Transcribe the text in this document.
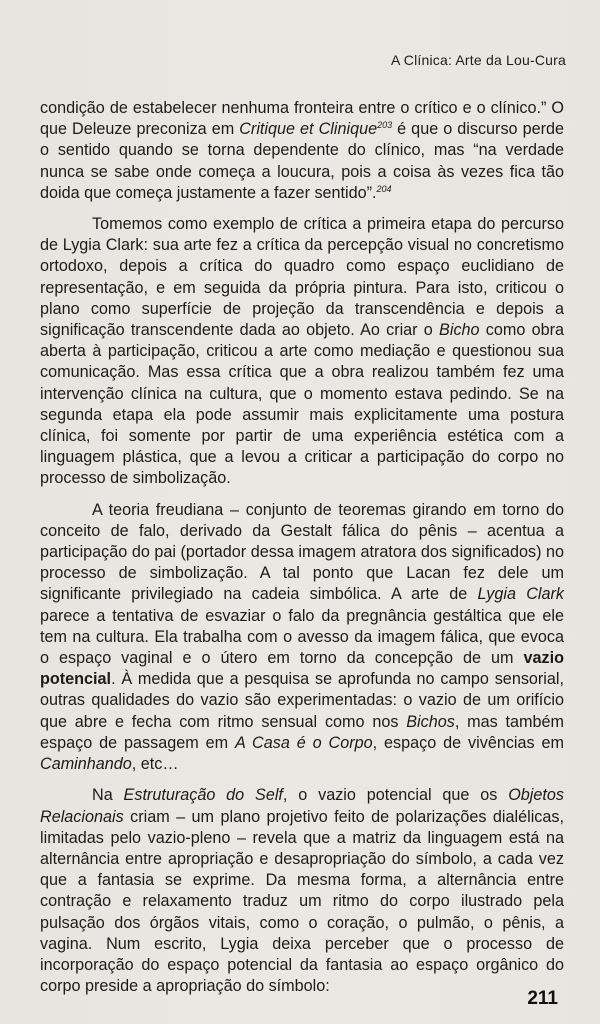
A Clínica: Arte da Lou-Cura

condição de estabelecer nenhuma fronteira entre o crítico e o clínico.” O que Deleuze preconiza em Critique et Clinique$^{203}$ é que o discurso perde o sentido quando se torna dependente do clínico, mas “na verdade nunca se sabe onde começa a loucura, pois a coisa às vezes fica tão doida que começa justamente a fazer sentido”.$^{204}$

Tomemos como exemplo de crítica a primeira etapa do percurso de Lygia Clark: sua arte fez a crítica da percepção visual no concretismo ortodoxo, depois a crítica do quadro como espaço euclidiano de representação, e em seguida da própria pintura. Para isto, criticou o plano como superfície de projeção da transcendência e depois a significação transcendente dada ao objeto. Ao criar o Bicho como obra aberta à participação, criticou a arte como mediação e questionou sua comunicação. Mas essa crítica que a obra realizou também fez uma intervenção clínica na cultura, que o momento estava pedindo. Se na segunda etapa ela pode assumir mais explicitamente uma postura clínica, foi somente por partir de uma experiência estética com a linguagem plástica, que a levou a criticar a participação do corpo no processo de simbolização.

A teoria freudiana – conjunto de teoremas girando em torno do conceito de falo, derivado da Gestalt fálica do pênis – acentua a participação do pai (portador dessa imagem atratora dos significados) no processo de simbolização. A tal ponto que Lacan fez dele um significante privilegiado na cadeia simbólica. A arte de Lygia Clark parece a tentativa de esvaziar o falo da pregnância gestáltica que ele tem na cultura. Ela trabalha com o avesso da imagem fálica, que evoca o espaço vaginal e o útero em torno da concepção de um vazio potencial. À medida que a pesquisa se aprofunda no campo sensorial, outras qualidades do vazio são experimentadas: o vazio de um orifício que abre e fecha com ritmo sensual como nos Bichos, mas também espaço de passagem em A Casa é o Corpo, espaço de vivências em Caminhando, etc…

Na Estruturação do Self, o vazio potencial que os Objetos Relacionais criam – um plano projetivo feito de polarizações dialélicas, limitadas pelo vazio-pleno – revela que a matriz da linguagem está na alternância entre apropriação e desapropriação do símbolo, a cada vez que a fantasia se exprime. Da mesma forma, a alternância entre contração e relaxamento traduz um ritmo do corpo ilustrado pela pulsação dos órgãos vitais, como o coração, o pulmão, o pênis, a vagina. Num escrito, Lygia deixa perceber que o processo de incorporação do espaço potencial da fantasia ao espaço orgânico do corpo preside a apropriação do símbolo:

211
